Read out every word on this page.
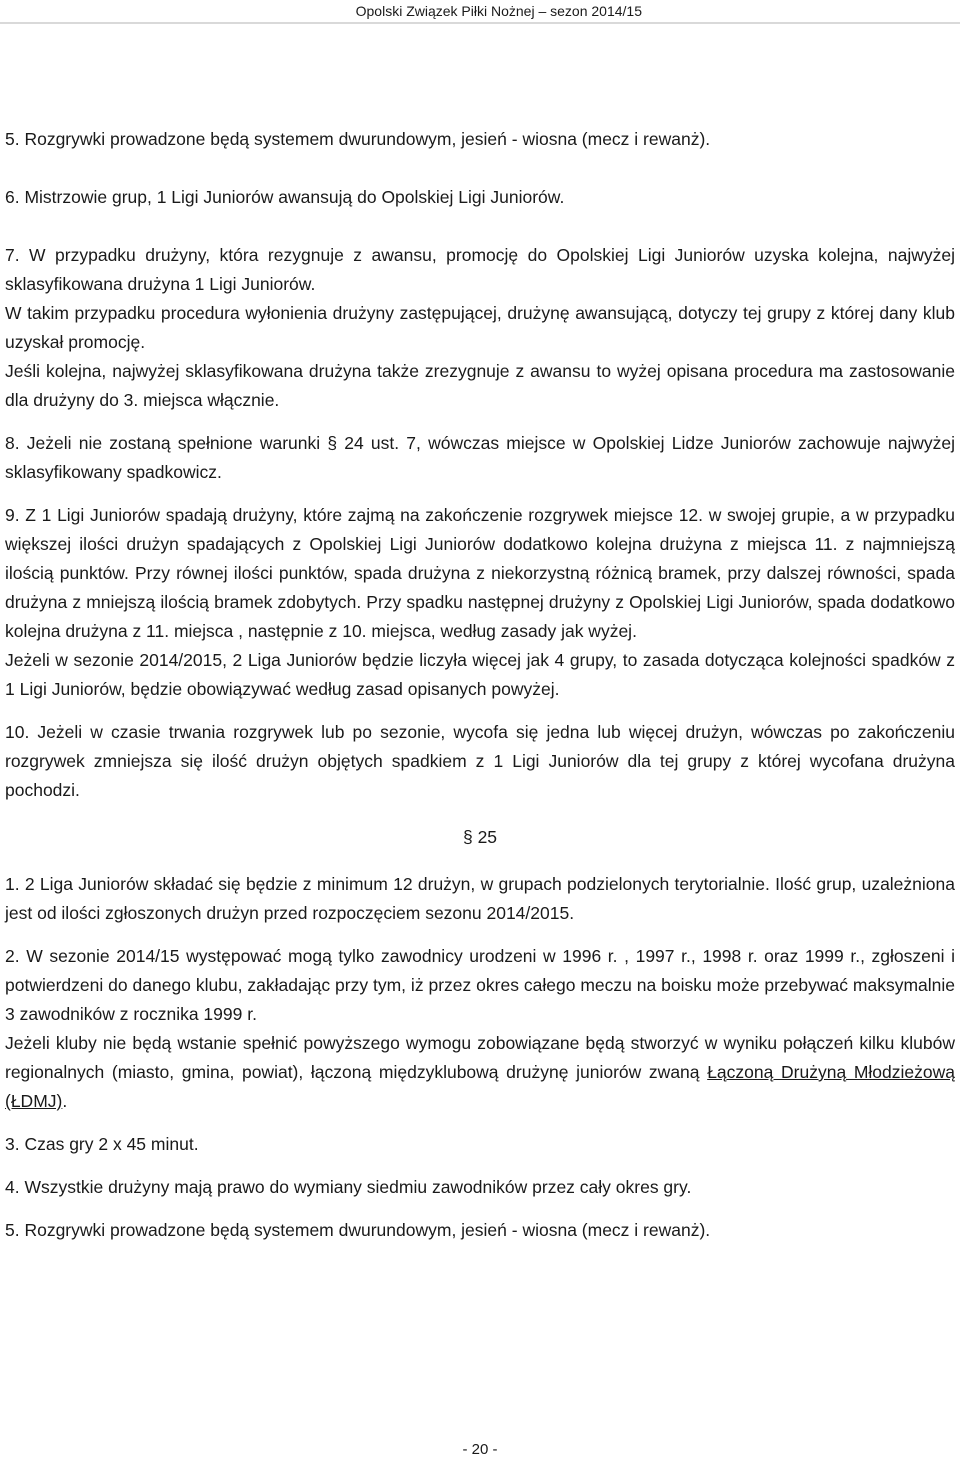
Opolski Związek Piłki Nożnej – sezon 2014/15

5. Rozgrywki prowadzone będą systemem dwurundowym, jesień - wiosna (mecz i rewanż).

6. Mistrzowie grup, 1 Ligi Juniorów awansują do Opolskiej Ligi Juniorów.

7. W przypadku drużyny, która rezygnuje z awansu, promocję do Opolskiej Ligi Juniorów uzyska kolejna, najwyżej sklasyfikowana drużyna 1 Ligi Juniorów.

W takim przypadku procedura wyłonienia drużyny zastępującej, drużynę awansującą, dotyczy tej grupy z której dany klub uzyskał promocję.

Jeśli kolejna, najwyżej sklasyfikowana drużyna także zrezygnuje z awansu to wyżej opisana procedura ma zastosowanie dla drużyny do 3. miejsca włącznie.

8. Jeżeli nie zostaną spełnione warunki § 24 ust. 7, wówczas miejsce w Opolskiej Lidze Juniorów zachowuje najwyżej sklasyfikowany spadkowicz.

9. Z 1 Ligi Juniorów spadają drużyny, które zajmą na zakończenie rozgrywek miejsce 12. w swojej grupie, a w przypadku większej ilości drużyn spadających z Opolskiej Ligi Juniorów dodatkowo kolejna drużyna z miejsca 11. z najmniejszą ilością punktów. Przy równej ilości punktów, spada drużyna z niekorzystną różnicą bramek, przy dalszej równości, spada drużyna z mniejszą ilością bramek zdobytych. Przy spadku następnej drużyny z Opolskiej Ligi Juniorów, spada dodatkowo kolejna drużyna z 11. miejsca , następnie z 10. miejsca, według zasady jak wyżej.

Jeżeli w sezonie 2014/2015, 2 Liga Juniorów będzie liczyła więcej jak 4 grupy, to zasada dotycząca kolejności spadków z 1 Ligi Juniorów, będzie obowiązywać według zasad opisanych powyżej.

10. Jeżeli w czasie trwania rozgrywek lub po sezonie, wycofa się jedna lub więcej drużyn, wówczas po zakończeniu rozgrywek zmniejsza się ilość drużyn objętych spadkiem z 1 Ligi Juniorów dla tej grupy z której wycofana drużyna pochodzi.

§ 25

1. 2 Liga Juniorów składać się będzie z minimum 12 drużyn, w grupach podzielonych terytorialnie. Ilość grup, uzależniona jest od ilości zgłoszonych drużyn przed rozpoczęciem sezonu 2014/2015.

2. W sezonie 2014/15 występować mogą tylko zawodnicy urodzeni w 1996 r. , 1997 r., 1998 r. oraz 1999 r., zgłoszeni i potwierdzeni do danego klubu, zakładając przy tym, iż przez okres całego meczu na boisku może przebywać maksymalnie 3 zawodników z rocznika 1999 r.

Jeżeli kluby nie będą wstanie spełnić powyższego wymogu zobowiązane będą stworzyć w wyniku połączeń kilku klubów regionalnych (miasto, gmina, powiat), łączoną międzyklubową drużynę juniorów zwaną Łączoną Drużyną Młodzieżową (ŁDMJ).

3. Czas gry 2 x 45 minut.

4. Wszystkie drużyny mają prawo do wymiany siedmiu zawodników przez cały okres gry.

5. Rozgrywki prowadzone będą systemem dwurundowym, jesień - wiosna (mecz i rewanż).

- 20 -
